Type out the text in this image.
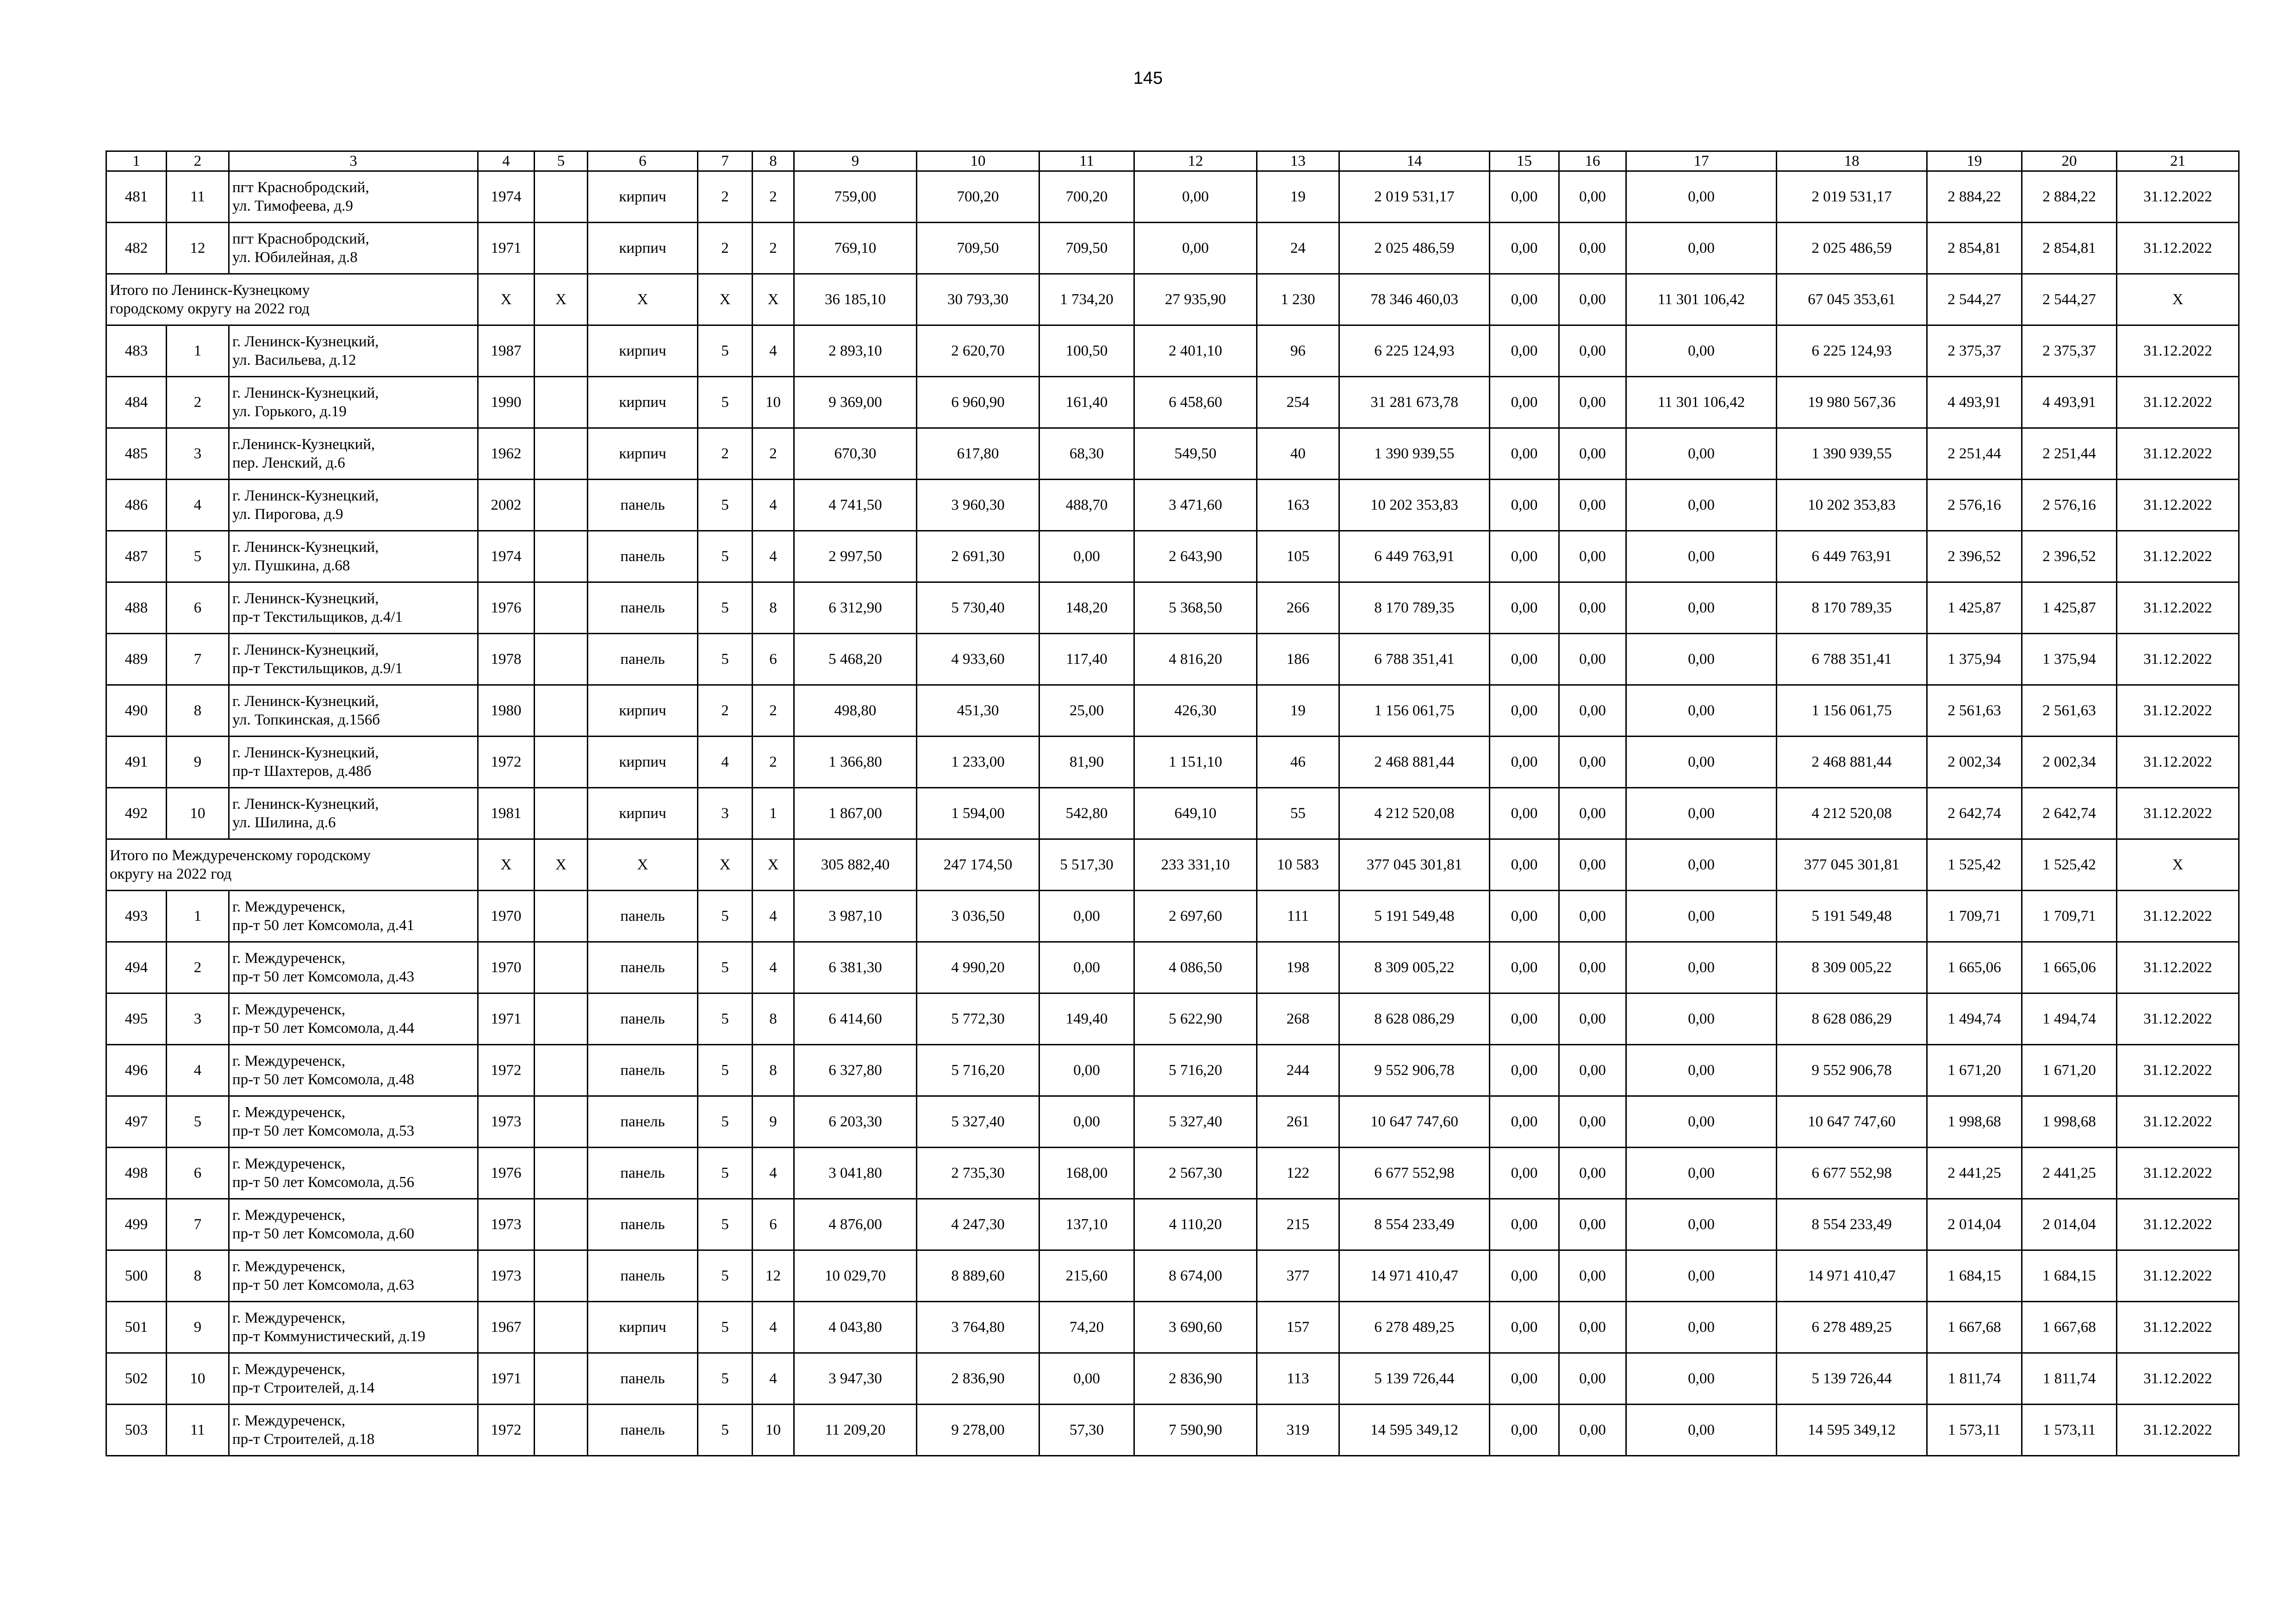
145
1	2	3	4	5	6	7	8	9	10	11	12	13	14	15	16	17	18	19	20	21
481	11	пгт Краснобродский,
ул. Тимофеева, д.9	1974		кирпич	2	2	759,00	700,20	700,20	0,00	19	2 019 531,17	0,00	0,00	0,00	2 019 531,17	2 884,22	2 884,22	31.12.2022
482	12	пгт Краснобродский,
ул. Юбилейная, д.8	1971		кирпич	2	2	769,10	709,50	709,50	0,00	24	2 025 486,59	0,00	0,00	0,00	2 025 486,59	2 854,81	2 854,81	31.12.2022

Итого по Ленинск-Кузнецкому
городскому округу на 2022 год			X	X	X	X	X	36 185,10	30 793,30	1 734,20	27 935,90	1 230	78 346 460,03	0,00	0,00	11 301 106,42	67 045 353,61	2 544,27	2 544,27	X
483	1	г. Ленинск-Кузнецкий,
ул. Васильева, д.12	1987		кирпич	5	4	2 893,10	2 620,70	100,50	2 401,10	96	6 225 124,93	0,00	0,00	0,00	6 225 124,93	2 375,37	2 375,37	31.12.2022
484	2	г. Ленинск-Кузнецкий,
ул. Горького, д.19	1990		кирпич	5	10	9 369,00	6 960,90	161,40	6 458,60	254	31 281 673,78	0,00	0,00	11 301 106,42	19 980 567,36	4 493,91	4 493,91	31.12.2022
485	3	г.Ленинск-Кузнецкий,
пер. Ленский, д.6	1962		кирпич	2	2	670,30	617,80	68,30	549,50	40	1 390 939,55	0,00	0,00	0,00	1 390 939,55	2 251,44	2 251,44	31.12.2022
486	4	г. Ленинск-Кузнецкий,
ул. Пирогова, д.9	2002		панель	5	4	4 741,50	3 960,30	488,70	3 471,60	163	10 202 353,83	0,00	0,00	0,00	10 202 353,83	2 576,16	2 576,16	31.12.2022
487	5	г. Ленинск-Кузнецкий,
ул. Пушкина, д.68	1974		панель	5	4	2 997,50	2 691,30	0,00	2 643,90	105	6 449 763,91	0,00	0,00	0,00	6 449 763,91	2 396,52	2 396,52	31.12.2022
488	6	г. Ленинск-Кузнецкий,
пр-т Текстильщиков, д.4/1	1976		панель	5	8	6 312,90	5 730,40	148,20	5 368,50	266	8 170 789,35	0,00	0,00	0,00	8 170 789,35	1 425,87	1 425,87	31.12.2022
489	7	г. Ленинск-Кузнецкий,
пр-т Текстильщиков, д.9/1	1978		панель	5	6	5 468,20	4 933,60	117,40	4 816,20	186	6 788 351,41	0,00	0,00	0,00	6 788 351,41	1 375,94	1 375,94	31.12.2022
490	8	г. Ленинск-Кузнецкий,
ул. Топкинская, д.156б	1980		кирпич	2	2	498,80	451,30	25,00	426,30	19	1 156 061,75	0,00	0,00	0,00	1 156 061,75	2 561,63	2 561,63	31.12.2022
491	9	г. Ленинск-Кузнецкий,
пр-т Шахтеров, д.48б	1972		кирпич	4	2	1 366,80	1 233,00	81,90	1 151,10	46	2 468 881,44	0,00	0,00	0,00	2 468 881,44	2 002,34	2 002,34	31.12.2022
492	10	г. Ленинск-Кузнецкий,
ул. Шилина, д.6	1981		кирпич	3	1	1 867,00	1 594,00	542,80	649,10	55	4 212 520,08	0,00	0,00	0,00	4 212 520,08	2 642,74	2 642,74	31.12.2022

Итого по Междуреченскому городскому
округу на 2022 год			X	X	X	X	X	305 882,40	247 174,50	5 517,30	233 331,10	10 583	377 045 301,81	0,00	0,00	0,00	377 045 301,81	1 525,42	1 525,42	X
493	1	г. Междуреченск,
пр-т 50 лет Комсомола, д.41	1970		панель	5	4	3 987,10	3 036,50	0,00	2 697,60	111	5 191 549,48	0,00	0,00	0,00	5 191 549,48	1 709,71	1 709,71	31.12.2022
494	2	г. Междуреченск,
пр-т 50 лет Комсомола, д.43	1970		панель	5	4	6 381,30	4 990,20	0,00	4 086,50	198	8 309 005,22	0,00	0,00	0,00	8 309 005,22	1 665,06	1 665,06	31.12.2022
495	3	г. Междуреченск,
пр-т 50 лет Комсомола, д.44	1971		панель	5	8	6 414,60	5 772,30	149,40	5 622,90	268	8 628 086,29	0,00	0,00	0,00	8 628 086,29	1 494,74	1 494,74	31.12.2022
496	4	г. Междуреченск,
пр-т 50 лет Комсомола, д.48	1972		панель	5	8	6 327,80	5 716,20	0,00	5 716,20	244	9 552 906,78	0,00	0,00	0,00	9 552 906,78	1 671,20	1 671,20	31.12.2022
497	5	г. Междуреченск,
пр-т 50 лет Комсомола, д.53	1973		панель	5	9	6 203,30	5 327,40	0,00	5 327,40	261	10 647 747,60	0,00	0,00	0,00	10 647 747,60	1 998,68	1 998,68	31.12.2022
498	6	г. Междуреченск,
пр-т 50 лет Комсомола, д.56	1976		панель	5	4	3 041,80	2 735,30	168,00	2 567,30	122	6 677 552,98	0,00	0,00	0,00	6 677 552,98	2 441,25	2 441,25	31.12.2022
499	7	г. Междуреченск,
пр-т 50 лет Комсомола, д.60	1973		панель	5	6	4 876,00	4 247,30	137,10	4 110,20	215	8 554 233,49	0,00	0,00	0,00	8 554 233,49	2 014,04	2 014,04	31.12.2022
500	8	г. Междуреченск,
пр-т 50 лет Комсомола, д.63	1973		панель	5	12	10 029,70	8 889,60	215,60	8 674,00	377	14 971 410,47	0,00	0,00	0,00	14 971 410,47	1 684,15	1 684,15	31.12.2022
501	9	г. Междуреченск,
пр-т Коммунистический, д.19	1967		кирпич	5	4	4 043,80	3 764,80	74,20	3 690,60	157	6 278 489,25	0,00	0,00	0,00	6 278 489,25	1 667,68	1 667,68	31.12.2022
502	10	г. Междуреченск,
пр-т Строителей, д.14	1971		панель	5	4	3 947,30	2 836,90	0,00	2 836,90	113	5 139 726,44	0,00	0,00	0,00	5 139 726,44	1 811,74	1 811,74	31.12.2022
503	11	г. Междуреченск,
пр-т Строителей, д.18	1972		панель	5	10	11 209,20	9 278,00	57,30	7 590,90	319	14 595 349,12	0,00	0,00	0,00	14 595 349,12	1 573,11	1 573,11	31.12.2022
